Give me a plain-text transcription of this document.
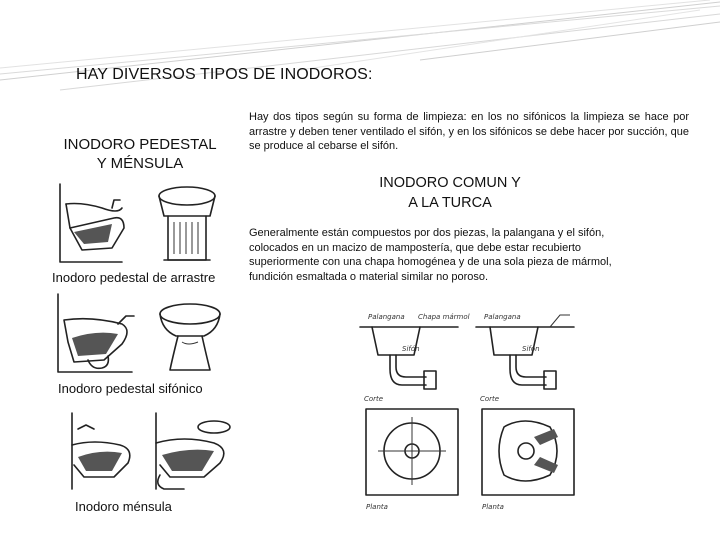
HAY DIVERSOS TIPOS DE INODOROS:
INODORO PEDESTAL
Y MÉNSULA
Hay dos tipos según su forma de limpieza: en los no sifónicos la limpieza se hace por arrastre y deben tener ventilado el sifón, y en los sifónicos se debe hacer por succión, que se produce al cebarse el sifón.
INODORO COMUN Y
A LA TURCA
Generalmente están compuestos por dos piezas, la palangana y el sifón,
colocados en un macizo de mampostería, que debe estar recubierto
superiormente con una chapa homogénea y de una sola pieza de mármol,
fundición esmaltada o material similar no poroso.
Inodoro pedestal de arrastre
Inodoro pedestal sifónico
Inodoro ménsula
Palangana Chapa mármol
Sifón
Corte
Palangana
Sifón
Corte
Planta	Planta
